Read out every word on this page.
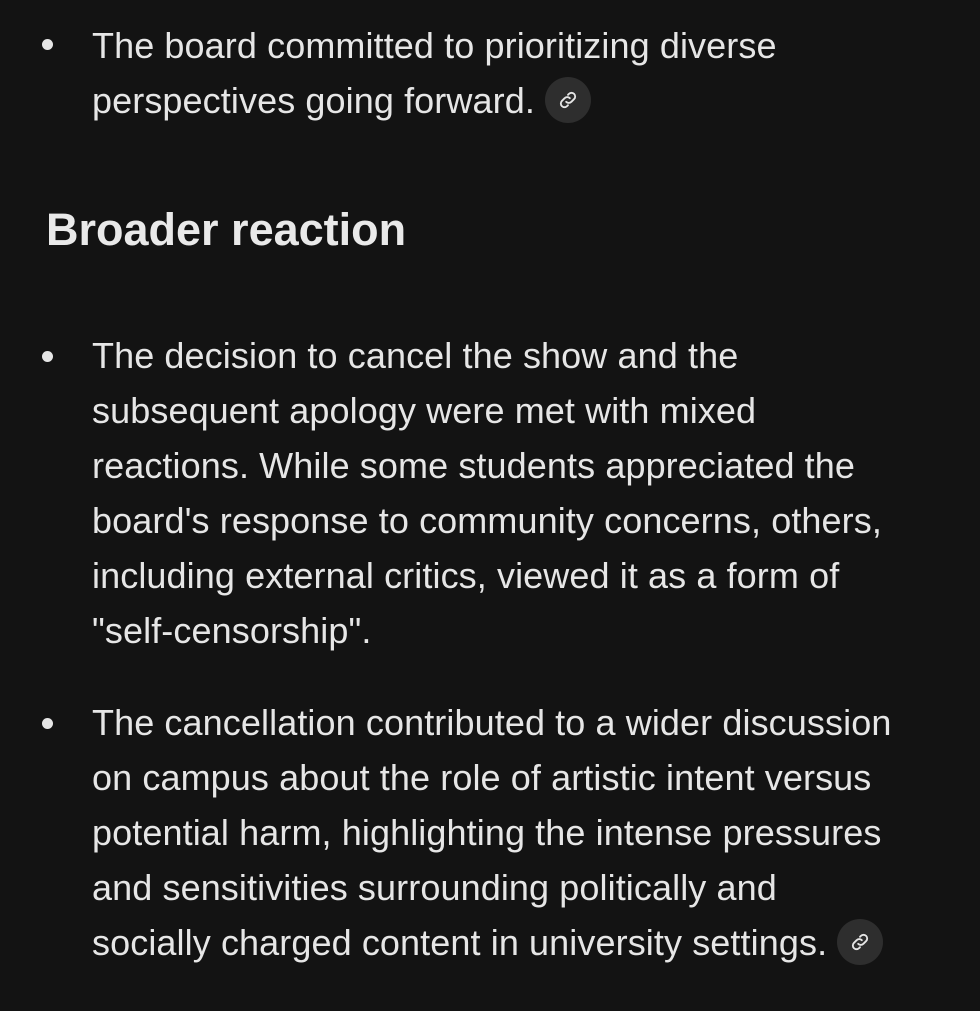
The board committed to prioritizing diverse
perspectives going forward.
Broader reaction
The decision to cancel the show and the
subsequent apology were met with mixed
reactions. While some students appreciated the
board's response to community concerns, others,
including external critics, viewed it as a form of
"self-censorship".
The cancellation contributed to a wider discussion
on campus about the role of artistic intent versus
potential harm, highlighting the intense pressures
and sensitivities surrounding politically and
socially charged content in university settings.
